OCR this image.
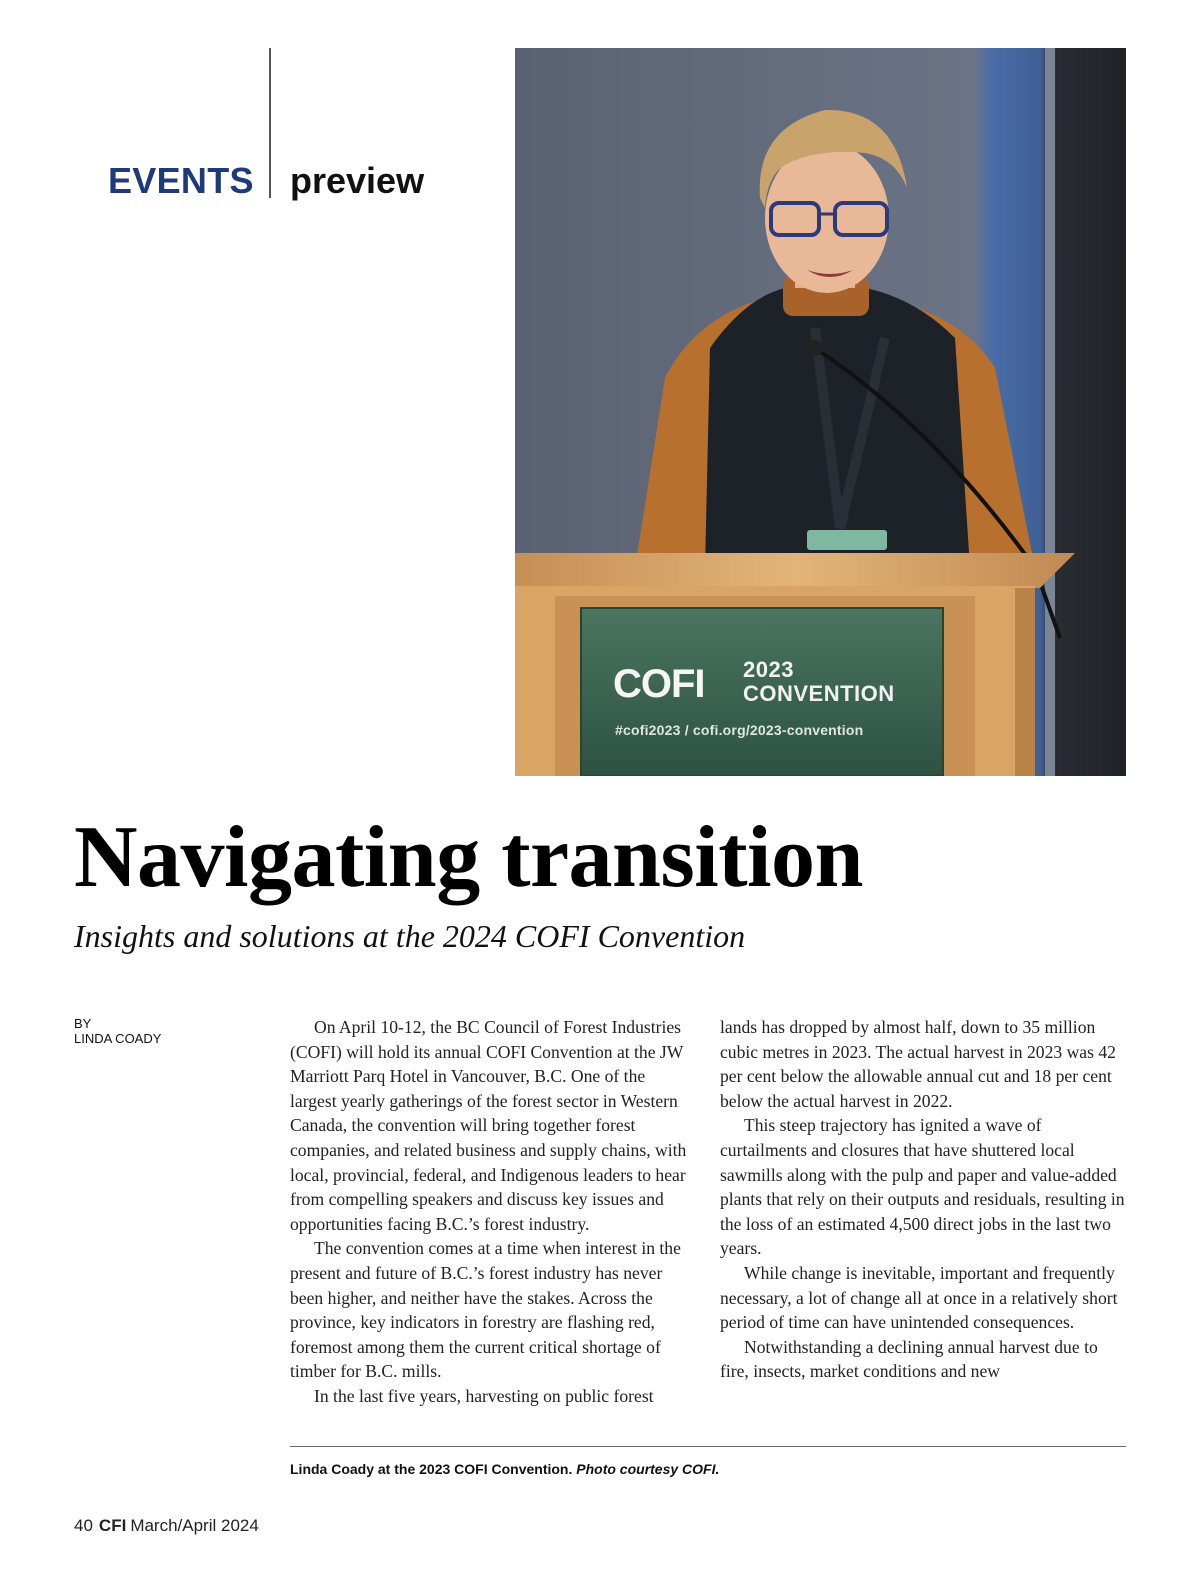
EVENTS preview
COFI 2023
CONVENTION
#cofi2023 / cofi.org/2023-convention
Navigating transition
Insights and solutions at the 2024 COFI Convention
BY
LINDA COADY

On April 10-12, the BC Council of Forest Industries (COFI) will hold its annual COFI Convention at the JW Marriott Parq Hotel in Vancouver, B.C. One of the largest yearly gatherings of the forest sector in Western Canada, the convention will bring together forest companies, and related business and supply chains, with local, provincial, federal, and Indigenous leaders to hear from compelling speakers and discuss key issues and opportunities facing B.C.’s forest industry.

The convention comes at a time when interest in the present and future of B.C.’s forest industry has never been higher, and neither have the stakes. Across the province, key indicators in forestry are flashing red, foremost among them the current critical shortage of timber for B.C. mills.

In the last five years, harvesting on public forest

lands has dropped by almost half, down to 35 million cubic metres in 2023. The actual harvest in 2023 was 42 per cent below the allowable annual cut and 18 per cent below the actual harvest in 2022.

This steep trajectory has ignited a wave of curtailments and closures that have shuttered local sawmills along with the pulp and paper and value-added plants that rely on their outputs and residuals, resulting in the loss of an estimated 4,500 direct jobs in the last two years.

While change is inevitable, important and frequently necessary, a lot of change all at once in a relatively short period of time can have unintended consequences.

Notwithstanding a declining annual harvest due to fire, insects, market conditions and new

Linda Coady at the 2023 COFI Convention. Photo courtesy COFI.
40 CFI March/April 2024
